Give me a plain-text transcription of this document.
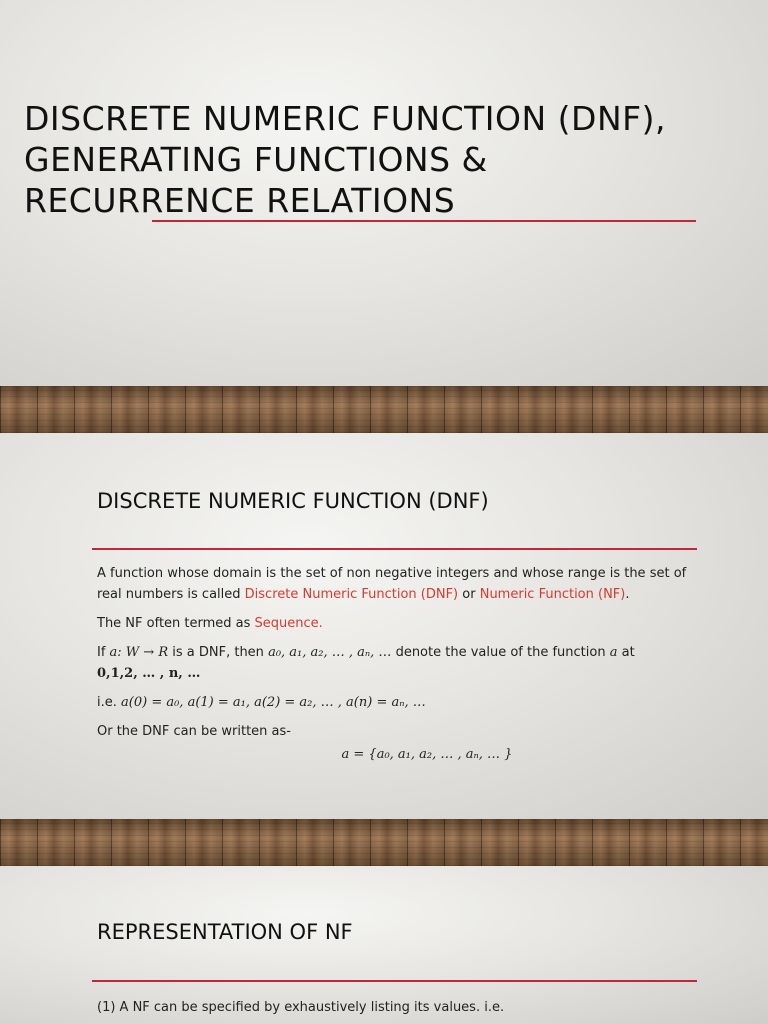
DISCRETE NUMERIC FUNCTION (DNF),
GENERATING FUNCTIONS &
RECURRENCE RELATIONS
DISCRETE NUMERIC FUNCTION (DNF)

A function whose domain is the set of non negative integers and whose range is the set of real numbers is called Discrete Numeric Function (DNF) or Numeric Function (NF).

The NF often termed as Sequence.

If a: W → R is a DNF, then a₀, a₁, a₂, … , aₙ, … denote the value of the function a at
0,1,2, … , n, …

i.e. a(0) = a₀, a(1) = a₁, a(2) = a₂, … , a(n) = aₙ, …

Or the DNF can be written as-

a = {a₀, a₁, a₂, … , aₙ, … }

REPRESENTATION OF NF

(1) A NF can be specified by exhaustively listing its values. i.e.
